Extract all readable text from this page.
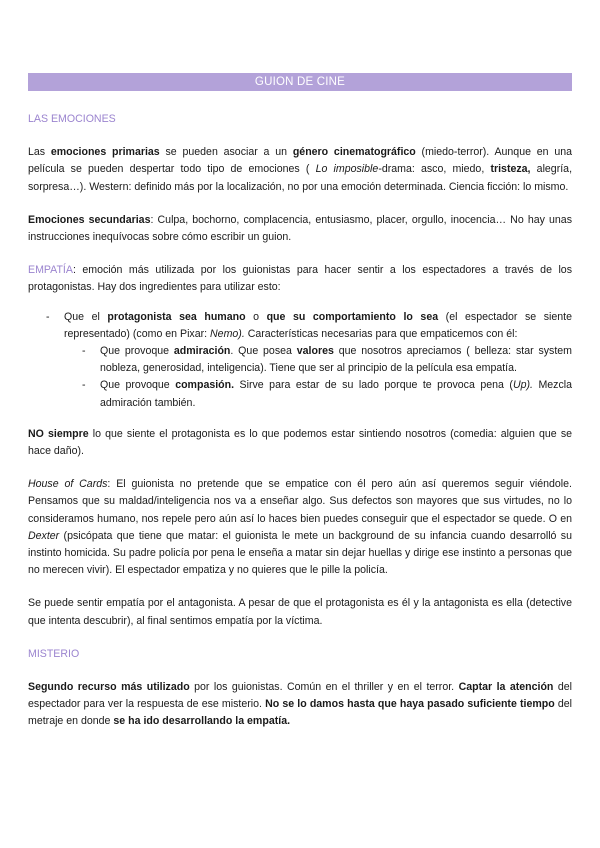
GUION DE CINE
LAS EMOCIONES

Las emociones primarias se pueden asociar a un género cinematográfico (miedo-terror). Aunque en una película se pueden despertar todo tipo de emociones ( Lo imposible-drama: asco, miedo, tristeza, alegría, sorpresa…). Western: definido más por la localización, no por una emoción determinada. Ciencia ficción: lo mismo.

Emociones secundarias: Culpa, bochorno, complacencia, entusiasmo, placer, orgullo, inocencia… No hay unas instrucciones inequívocas sobre cómo escribir un guion.

EMPATÍA: emoción más utilizada por los guionistas para hacer sentir a los espectadores a través de los protagonistas. Hay dos ingredientes para utilizar esto:

- Que el protagonista sea humano o que su comportamiento lo sea (el espectador se siente representado) (como en Pixar: Nemo). Características necesarias para que empaticemos con él:
- Que provoque admiración. Que posea valores que nosotros apreciamos ( belleza: star system nobleza, generosidad, inteligencia). Tiene que ser al principio de la película esa empatía.
- Que provoque compasión. Sirve para estar de su lado porque te provoca pena (Up). Mezcla admiración también.

NO siempre lo que siente el protagonista es lo que podemos estar sintiendo nosotros (comedia: alguien que se hace daño).

House of Cards: El guionista no pretende que se empatice con él pero aún así queremos seguir viéndole. Pensamos que su maldad/inteligencia nos va a enseñar algo. Sus defectos son mayores que sus virtudes, no lo consideramos humano, nos repele pero aún así lo haces bien puedes conseguir que el espectador se quede. O en Dexter (psicópata que tiene que matar: el guionista le mete un background de su infancia cuando desarrolló su instinto homicida. Su padre policía por pena le enseña a matar sin dejar huellas y dirige ese instinto a personas que no merecen vivir). El espectador empatiza y no quieres que le pille la policía.

Se puede sentir empatía por el antagonista. A pesar de que el protagonista es él y la antagonista es ella (detective que intenta descubrir), al final sentimos empatía por la víctima.

MISTERIO

Segundo recurso más utilizado por los guionistas. Común en el thriller y en el terror. Captar la atención del espectador para ver la respuesta de ese misterio. No se lo damos hasta que haya pasado suficiente tiempo del metraje en donde se ha ido desarrollando la empatía.
